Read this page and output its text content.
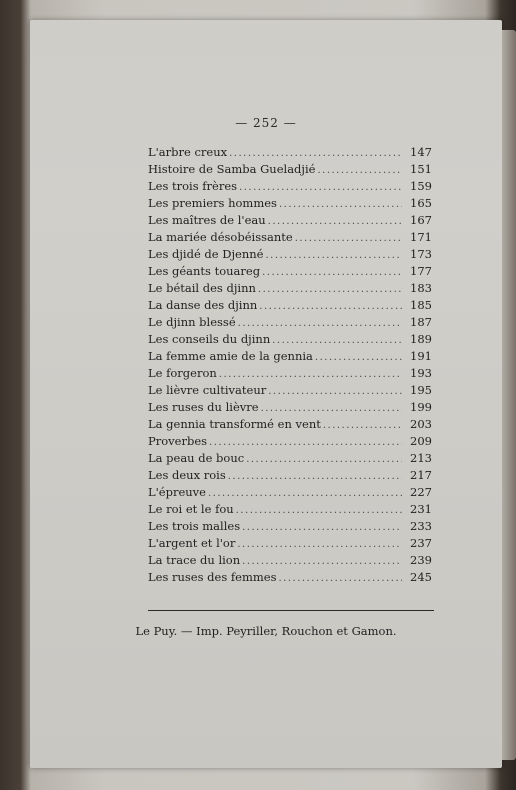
— 252 —
L'arbre creux .....	147
Histoire de Samba Gueladjié .....	151
Les trois frères .....	159
Les premiers hommes .....	165
Les maîtres de l'eau .....	167
La mariée désobéissante .....	171
Les djidé de Djenné .....	173
Les géants touareg .....	177
Le bétail des djinn .....	183
La danse des djinn .....	185
Le djinn blessé .....	187
Les conseils du djinn .....	189
La femme amie de la gennia .....	191
Le forgeron .....	193
Le lièvre cultivateur .....	195
Les ruses du lièvre .....	199
La gennia transformé en vent .....	203
Proverbes .....	209
La peau de bouc .....	213
Les deux rois .....	217
L'épreuve .....	227
Le roi et le fou .....	231
Les trois malles .....	233
L'argent et l'or .....	237
La trace du lion .....	239
Les ruses des femmes .....	245
Le Puy. — Imp. Peyriller, Rouchon et Gamon.
